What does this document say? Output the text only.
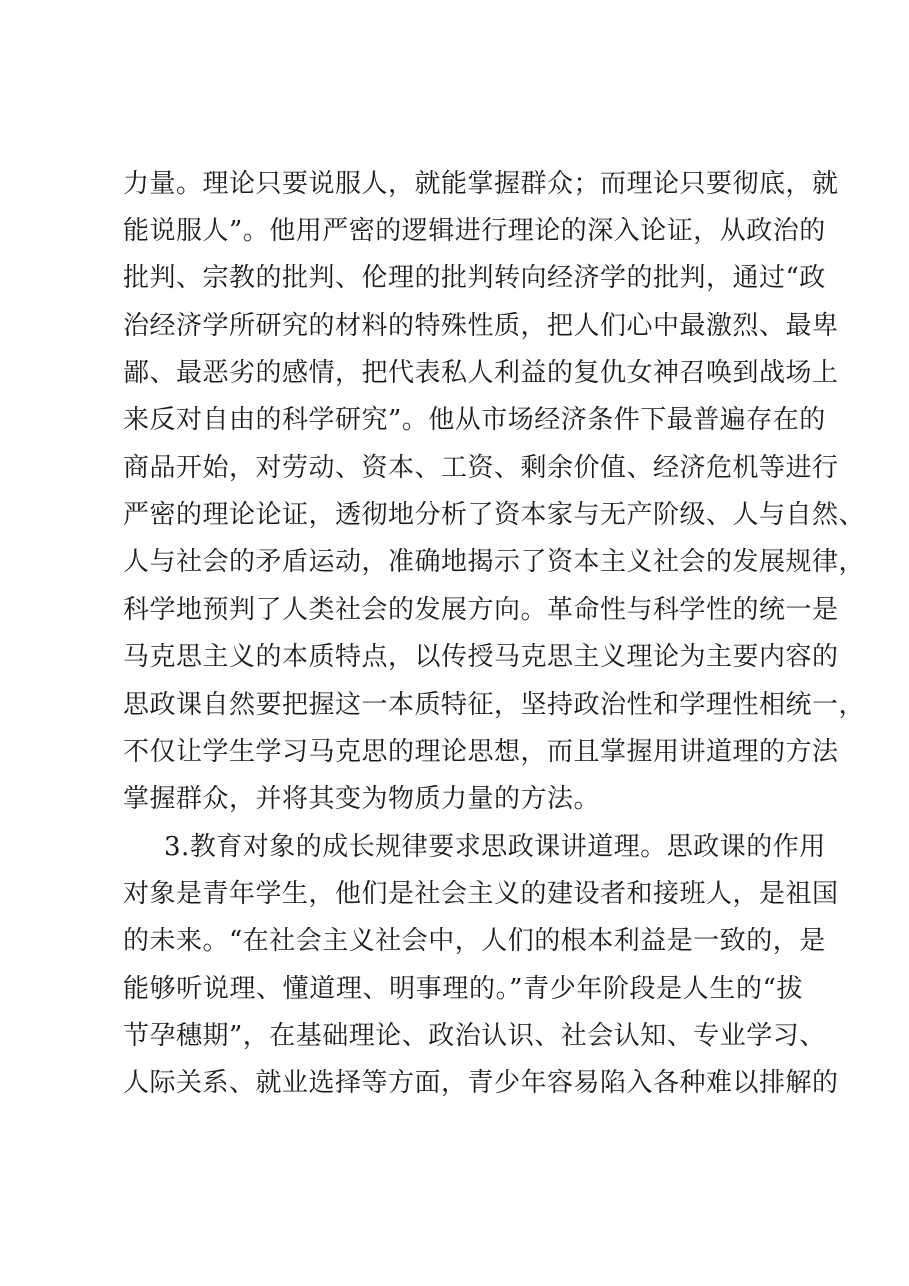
力量。理论只要说服人，就能掌握群众；而理论只要彻底，就

能说服人”。他用严密的逻辑进行理论的深入论证，从政治的

批判、宗教的批判、伦理的批判转向经济学的批判，通过“政

治经济学所研究的材料的特殊性质，把人们心中最激烈、最卑

鄙、最恶劣的感情，把代表私人利益的复仇女神召唤到战场上

来反对自由的科学研究”。他从市场经济条件下最普遍存在的

商品开始，对劳动、资本、工资、剩余价值、经济危机等进行

严密的理论论证，透彻地分析了资本家与无产阶级、人与自然、

人与社会的矛盾运动，准确地揭示了资本主义社会的发展规律，

科学地预判了人类社会的发展方向。革命性与科学性的统一是

马克思主义的本质特点，以传授马克思主义理论为主要内容的

思政课自然要把握这一本质特征，坚持政治性和学理性相统一，

不仅让学生学习马克思的理论思想，而且掌握用讲道理的方法

掌握群众，并将其变为物质力量的方法。

3.教育对象的成长规律要求思政课讲道理。思政课的作用

对象是青年学生，他们是社会主义的建设者和接班人，是祖国

的未来。“在社会主义社会中，人们的根本利益是一致的，是

能够听说理、懂道理、明事理的。”青少年阶段是人生的“拔

节孕穗期”，在基础理论、政治认识、社会认知、专业学习、

人际关系、就业选择等方面，青少年容易陷入各种难以排解的
